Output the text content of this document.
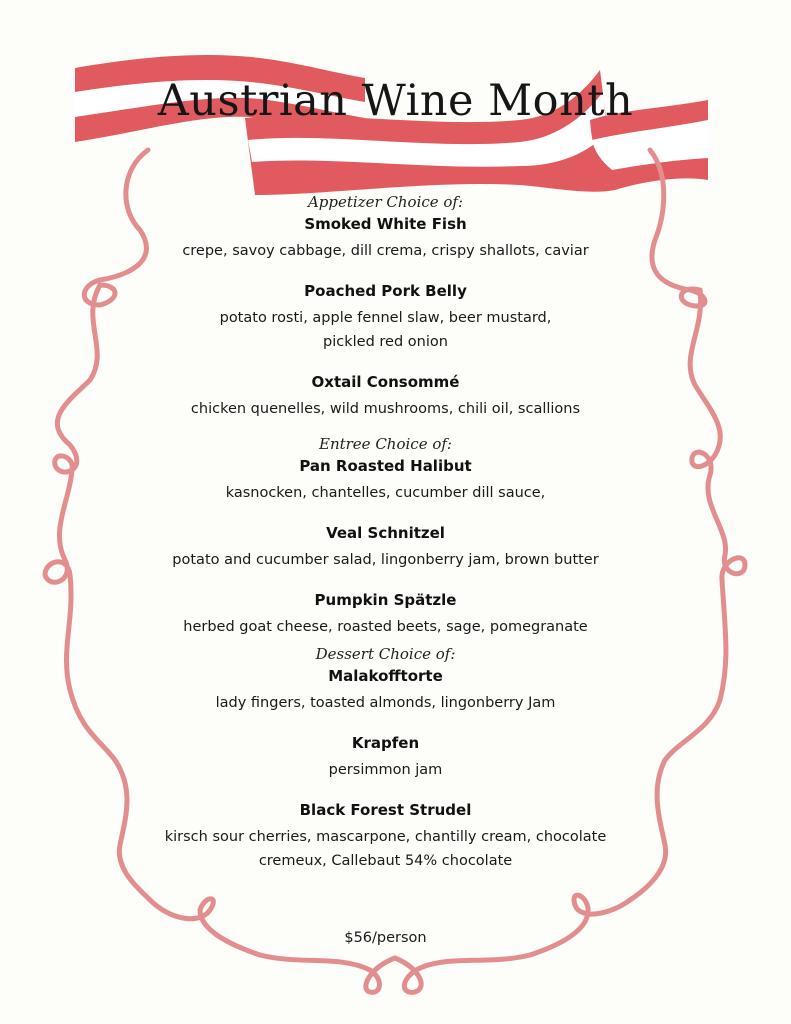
Austrian Wine Month

Appetizer Choice of:

Smoked White Fish

crepe, savoy cabbage, dill crema, crispy shallots, caviar

Poached Pork Belly

potato rosti, apple fennel slaw, beer mustard,

pickled red onion

Oxtail Consommé

chicken quenelles, wild mushrooms, chili oil, scallions

Entree Choice of:

Pan Roasted Halibut

kasnocken, chantelles, cucumber dill sauce,

Veal Schnitzel

potato and cucumber salad, lingonberry jam, brown butter

Pumpkin Spätzle

herbed goat cheese, roasted beets, sage, pomegranate

Dessert Choice of:

Malakofftorte

lady fingers, toasted almonds, lingonberry Jam

Krapfen

persimmon jam

Black Forest Strudel

kirsch sour cherries, mascarpone, chantilly cream, chocolate

cremeux, Callebaut 54% chocolate

$56/person
